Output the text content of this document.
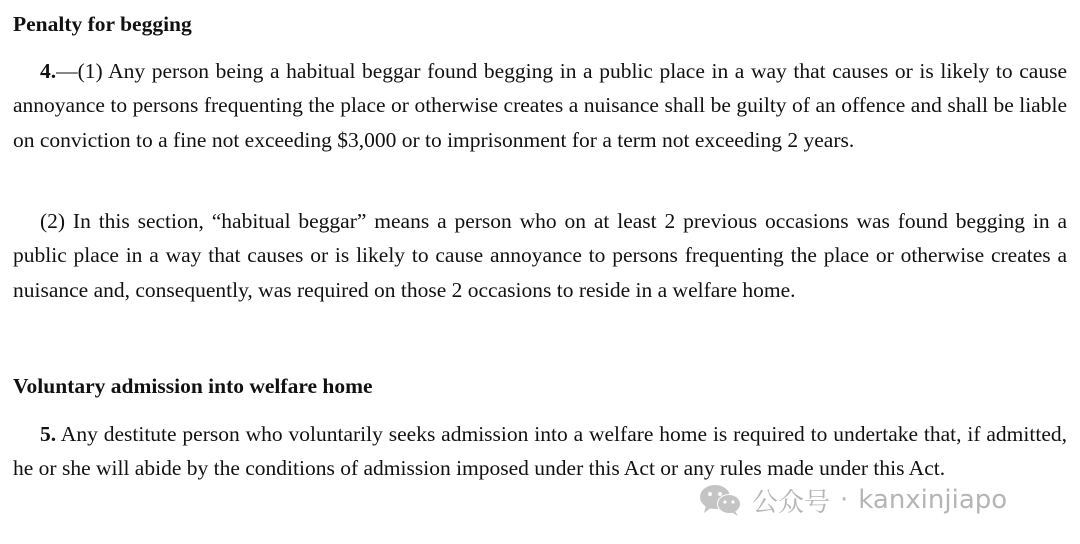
Penalty for begging

4.—(1) Any person being a habitual beggar found begging in a public place in a way that causes or is likely to cause annoyance to persons frequenting the place or otherwise creates a nuisance shall be guilty of an offence and shall be liable on conviction to a fine not exceeding $3,000 or to imprisonment for a term not exceeding 2 years.

(2) In this section, “habitual beggar” means a person who on at least 2 previous occasions was found begging in a public place in a way that causes or is likely to cause annoyance to persons frequenting the place or otherwise creates a nuisance and, consequently, was required on those 2 occasions to reside in a welfare home.

Voluntary admission into welfare home

5. Any destitute person who voluntarily seeks admission into a welfare home is required to undertake that, if admitted, he or she will abide by the conditions of admission imposed under this Act or any rules made under this Act.

公众号 · kanxinjiapo
